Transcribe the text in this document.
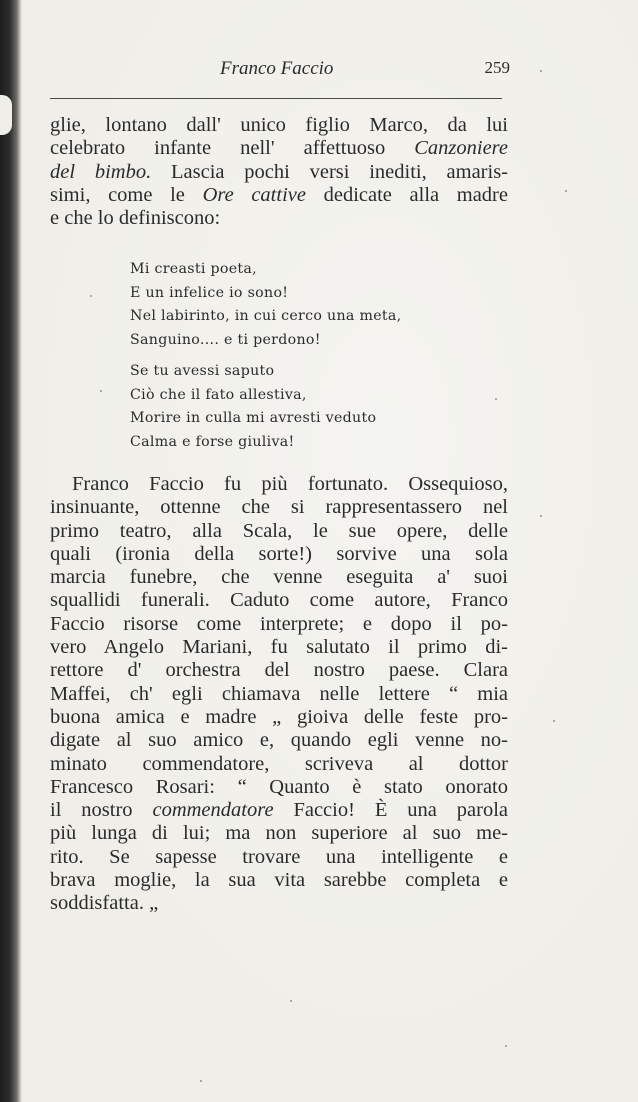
Franco Faccio	259
glie, lontano dall' unico figlio Marco, da lui
celebrato infante nell' affettuoso Canzoniere
del bimbo. Lascia pochi versi inediti, amaris-
simi, come le Ore cattive dedicate alla madre
e che lo definiscono:
Mi creasti poeta,
E un infelice io sono!
Nel labirinto, in cui cerco una meta,
Sanguino.... e ti perdono!
Se tu avessi saputo
Ciò che il fato allestiva,
Morire in culla mi avresti veduto
Calma e forse giuliva!
Franco Faccio fu più fortunato. Ossequioso,
insinuante, ottenne che si rappresentassero nel
primo teatro, alla Scala, le sue opere, delle
quali (ironia della sorte!) sorvive una sola
marcia funebre, che venne eseguita a' suoi
squallidi funerali. Caduto come autore, Franco
Faccio risorse come interprete; e dopo il po-
vero Angelo Mariani, fu salutato il primo di-
rettore d' orchestra del nostro paese. Clara
Maffei, ch' egli chiamava nelle lettere “ mia
buona amica e madre „ gioiva delle feste pro-
digate al suo amico e, quando egli venne no-
minato commendatore, scriveva al dottor
Francesco Rosari: “ Quanto è stato onorato
il nostro commendatore Faccio! È una parola
più lunga di lui; ma non superiore al suo me-
rito. Se sapesse trovare una intelligente e
brava moglie, la sua vita sarebbe completa e
soddisfatta. „
